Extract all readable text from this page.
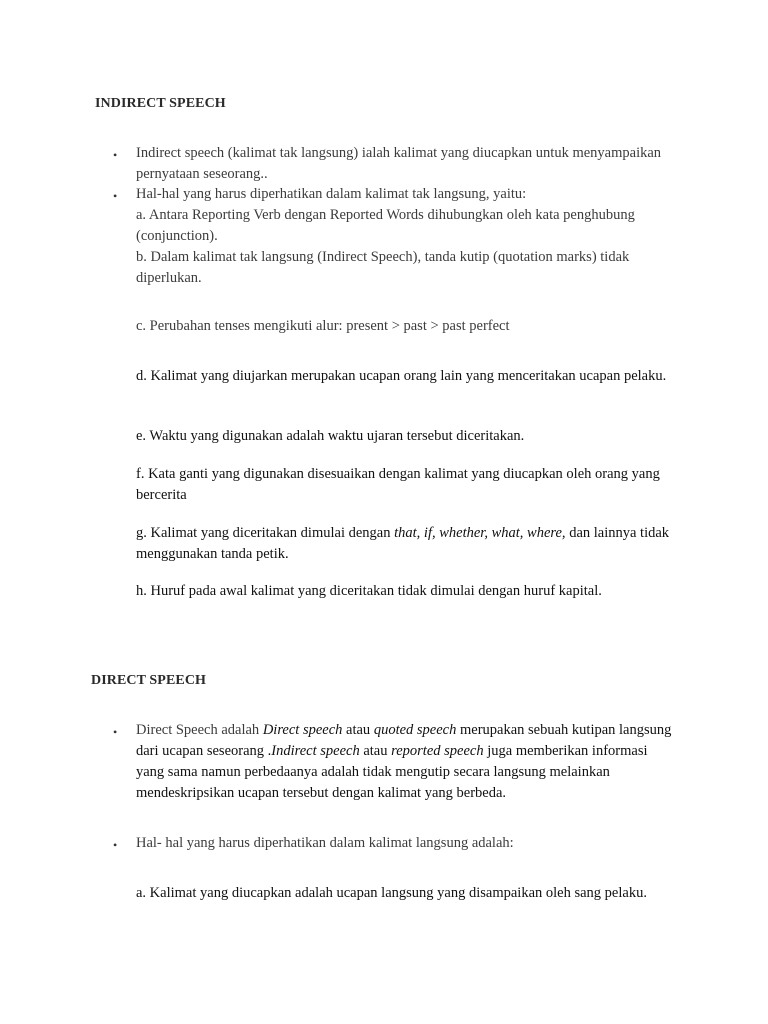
INDIRECT SPEECH
• Indirect speech (kalimat tak langsung) ialah kalimat yang diucapkan untuk menyampaikan pernyataan seseorang..
• Hal-hal yang harus diperhatikan dalam kalimat tak langsung, yaitu:
a. Antara Reporting Verb dengan Reported Words dihubungkan oleh kata penghubung (conjunction).
b. Dalam kalimat tak langsung (Indirect Speech), tanda kutip (quotation marks) tidak diperlukan.
c. Perubahan tenses mengikuti alur: present > past > past perfect
d. Kalimat yang diujarkan merupakan ucapan orang lain yang menceritakan ucapan pelaku.
e. Waktu yang digunakan adalah waktu ujaran tersebut diceritakan.
f. Kata ganti yang digunakan disesuaikan dengan kalimat yang diucapkan oleh orang yang bercerita
g. Kalimat yang diceritakan dimulai dengan that, if, whether, what, where, dan lainnya tidak menggunakan tanda petik.
h. Huruf pada awal kalimat yang diceritakan tidak dimulai dengan huruf kapital.
DIRECT SPEECH
• Direct Speech adalah Direct speech atau quoted speech merupakan sebuah kutipan langsung dari ucapan seseorang .Indirect speech atau reported speech juga memberikan informasi yang sama namun perbedaanya adalah tidak mengutip secara langsung melainkan mendeskripsikan ucapan tersebut dengan kalimat yang berbeda.
• Hal- hal yang harus diperhatikan dalam kalimat langsung adalah:
a. Kalimat yang diucapkan adalah ucapan langsung yang disampaikan oleh sang pelaku.
